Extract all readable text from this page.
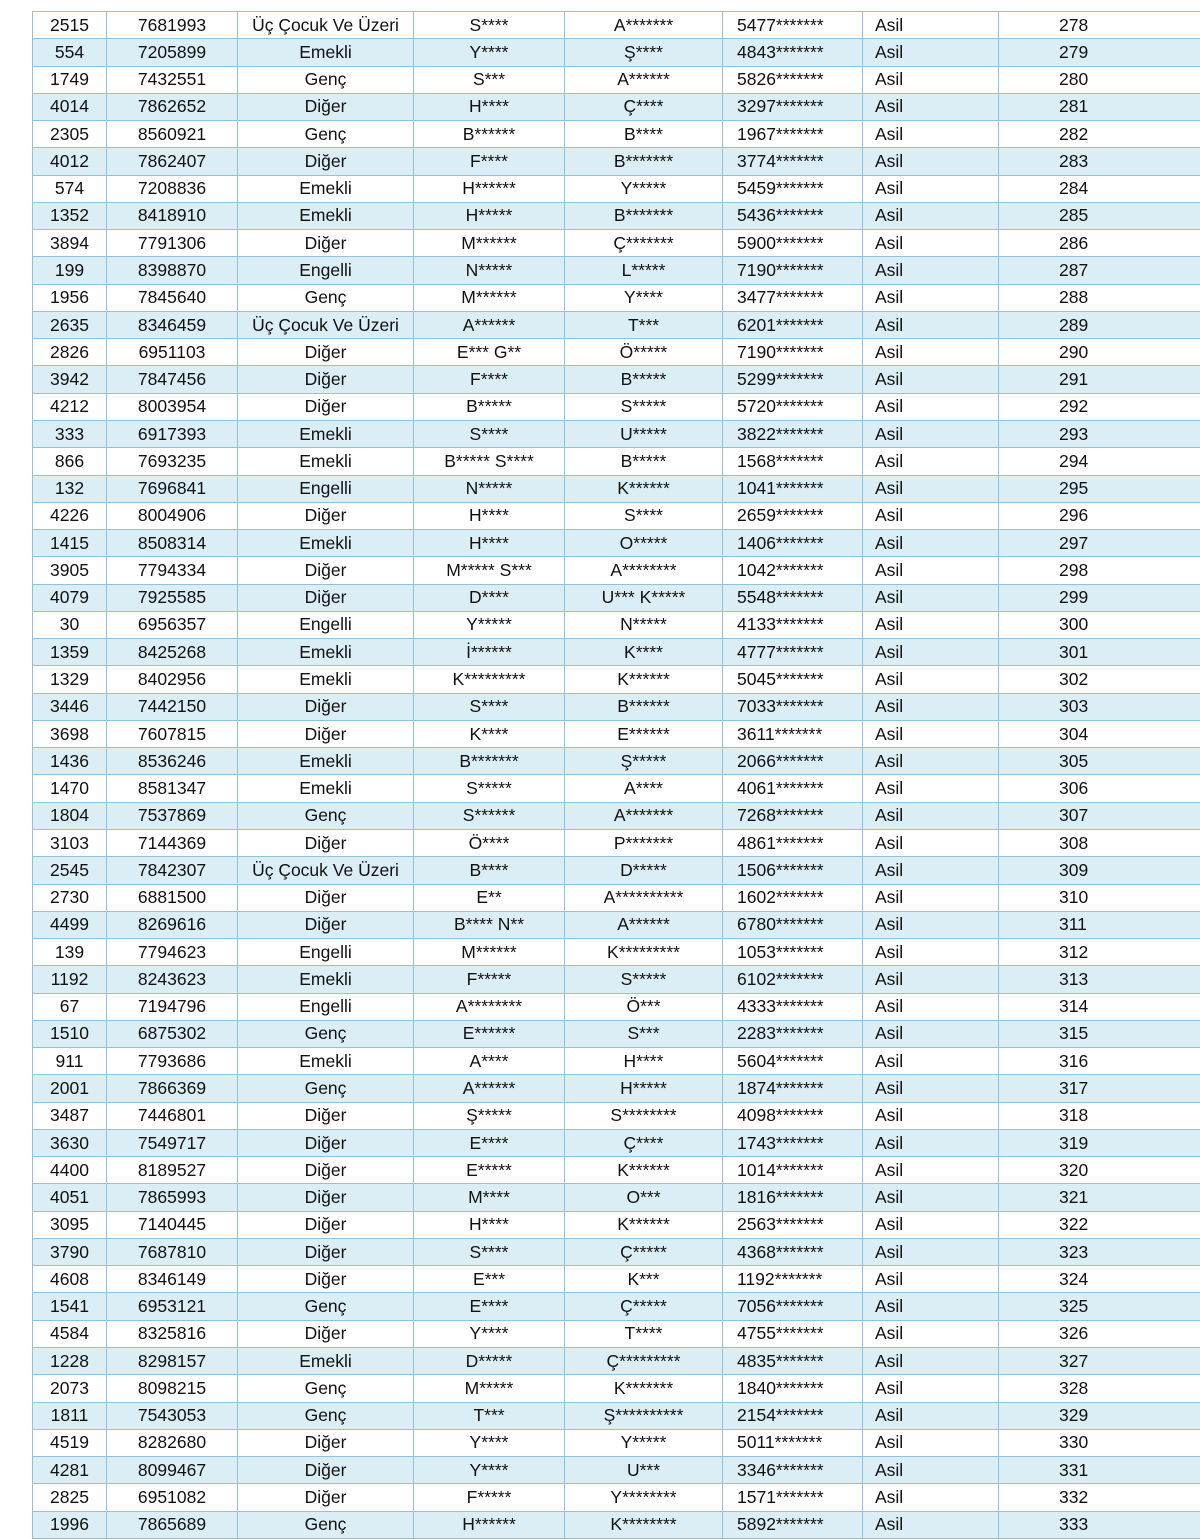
2515	7681993	Üç Çocuk Ve Üzeri	S****	A*******	5477*******	Asil	278
554	7205899	Emekli	Y****	Ş****	4843*******	Asil	279
1749	7432551	Genç	S***	A******	5826*******	Asil	280
4014	7862652	Diğer	H****	Ç****	3297*******	Asil	281
2305	8560921	Genç	B******	B****	1967*******	Asil	282
4012	7862407	Diğer	F****	B*******	3774*******	Asil	283
574	7208836	Emekli	H******	Y*****	5459*******	Asil	284
1352	8418910	Emekli	H*****	B*******	5436*******	Asil	285
3894	7791306	Diğer	M******	Ç*******	5900*******	Asil	286
199	8398870	Engelli	N*****	L*****	7190*******	Asil	287
1956	7845640	Genç	M******	Y****	3477*******	Asil	288
2635	8346459	Üç Çocuk Ve Üzeri	A******	T***	6201*******	Asil	289
2826	6951103	Diğer	E*** G**	Ö*****	7190*******	Asil	290
3942	7847456	Diğer	F****	B*****	5299*******	Asil	291
4212	8003954	Diğer	B*****	S*****	5720*******	Asil	292
333	6917393	Emekli	S****	U*****	3822*******	Asil	293
866	7693235	Emekli	B***** S****	B*****	1568*******	Asil	294
132	7696841	Engelli	N*****	K******	1041*******	Asil	295
4226	8004906	Diğer	H****	S****	2659*******	Asil	296
1415	8508314	Emekli	H****	O*****	1406*******	Asil	297
3905	7794334	Diğer	M***** S***	A********	1042*******	Asil	298
4079	7925585	Diğer	D****	U*** K*****	5548*******	Asil	299
30	6956357	Engelli	Y*****	N*****	4133*******	Asil	300
1359	8425268	Emekli	İ******	K****	4777*******	Asil	301
1329	8402956	Emekli	K*********	K******	5045*******	Asil	302
3446	7442150	Diğer	S****	B******	7033*******	Asil	303
3698	7607815	Diğer	K****	E******	3611*******	Asil	304
1436	8536246	Emekli	B*******	Ş*****	2066*******	Asil	305
1470	8581347	Emekli	S*****	A****	4061*******	Asil	306
1804	7537869	Genç	S******	A*******	7268*******	Asil	307
3103	7144369	Diğer	Ö****	P*******	4861*******	Asil	308
2545	7842307	Üç Çocuk Ve Üzeri	B****	D*****	1506*******	Asil	309
2730	6881500	Diğer	E**	A**********	1602*******	Asil	310
4499	8269616	Diğer	B**** N**	A******	6780*******	Asil	311
139	7794623	Engelli	M******	K*********	1053*******	Asil	312
1192	8243623	Emekli	F*****	S*****	6102*******	Asil	313
67	7194796	Engelli	A********	Ö***	4333*******	Asil	314
1510	6875302	Genç	E******	S***	2283*******	Asil	315
911	7793686	Emekli	A****	H****	5604*******	Asil	316
2001	7866369	Genç	A******	H*****	1874*******	Asil	317
3487	7446801	Diğer	Ş*****	S********	4098*******	Asil	318
3630	7549717	Diğer	E****	Ç****	1743*******	Asil	319
4400	8189527	Diğer	E*****	K******	1014*******	Asil	320
4051	7865993	Diğer	M****	O***	1816*******	Asil	321
3095	7140445	Diğer	H****	K******	2563*******	Asil	322
3790	7687810	Diğer	S****	Ç*****	4368*******	Asil	323
4608	8346149	Diğer	E***	K***	1192*******	Asil	324
1541	6953121	Genç	E****	Ç*****	7056*******	Asil	325
4584	8325816	Diğer	Y****	T****	4755*******	Asil	326
1228	8298157	Emekli	D*****	Ç*********	4835*******	Asil	327
2073	8098215	Genç	M*****	K*******	1840*******	Asil	328
1811	7543053	Genç	T***	Ş**********	2154*******	Asil	329
4519	8282680	Diğer	Y****	Y*****	5011*******	Asil	330
4281	8099467	Diğer	Y****	U***	3346*******	Asil	331
2825	6951082	Diğer	F*****	Y********	1571*******	Asil	332
1996	7865689	Genç	H******	K********	5892*******	Asil	333
